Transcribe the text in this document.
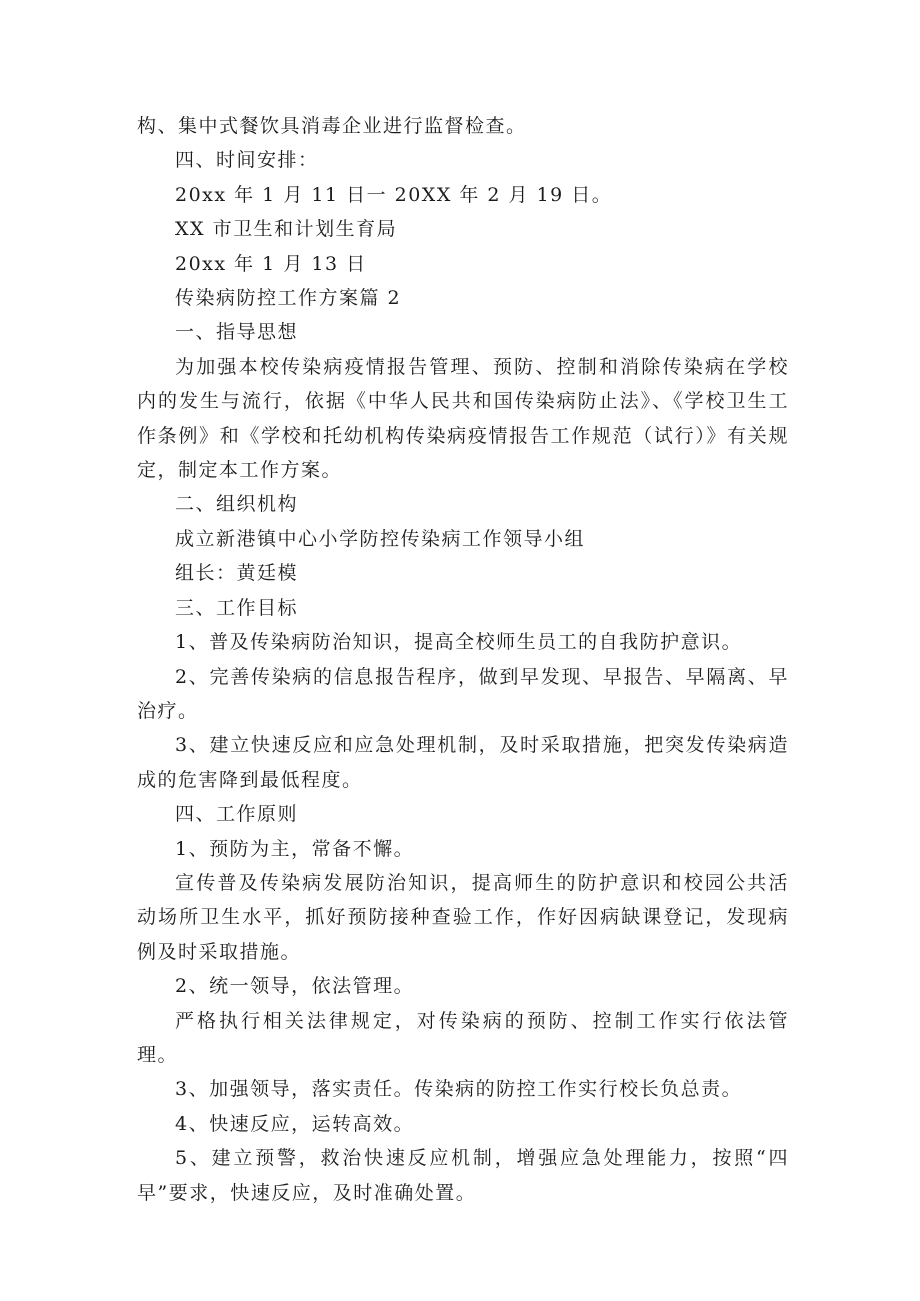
构、集中式餐饮具消毒企业进行监督检查。

四、时间安排：

20xx 年 1 月 11 日一 20XX 年 2 月 19 日。

XX 市卫生和计划生育局

20xx 年 1 月 13 日

传染病防控工作方案篇 2

一、指导思想

为加强本校传染病疫情报告管理、预防、控制和消除传染病在学校内的发生与流行，依据《中华人民共和国传染病防止法》、《学校卫生工作条例》和《学校和托幼机构传染病疫情报告工作规范（试行）》有关规定，制定本工作方案。

二、组织机构

成立新港镇中心小学防控传染病工作领导小组

组长：黄廷模

三、工作目标

1、普及传染病防治知识，提高全校师生员工的自我防护意识。

2、完善传染病的信息报告程序，做到早发现、早报告、早隔离、早治疗。

3、建立快速反应和应急处理机制，及时采取措施，把突发传染病造成的危害降到最低程度。

四、工作原则

1、预防为主，常备不懈。

宣传普及传染病发展防治知识，提高师生的防护意识和校园公共活动场所卫生水平，抓好预防接种查验工作，作好因病缺课登记，发现病例及时采取措施。

2、统一领导，依法管理。

严格执行相关法律规定，对传染病的预防、控制工作实行依法管理。

3、加强领导，落实责任。传染病的防控工作实行校长负总责。

4、快速反应，运转高效。

5、建立预警，救治快速反应机制，增强应急处理能力，按照“四早”要求，快速反应，及时准确处置。
